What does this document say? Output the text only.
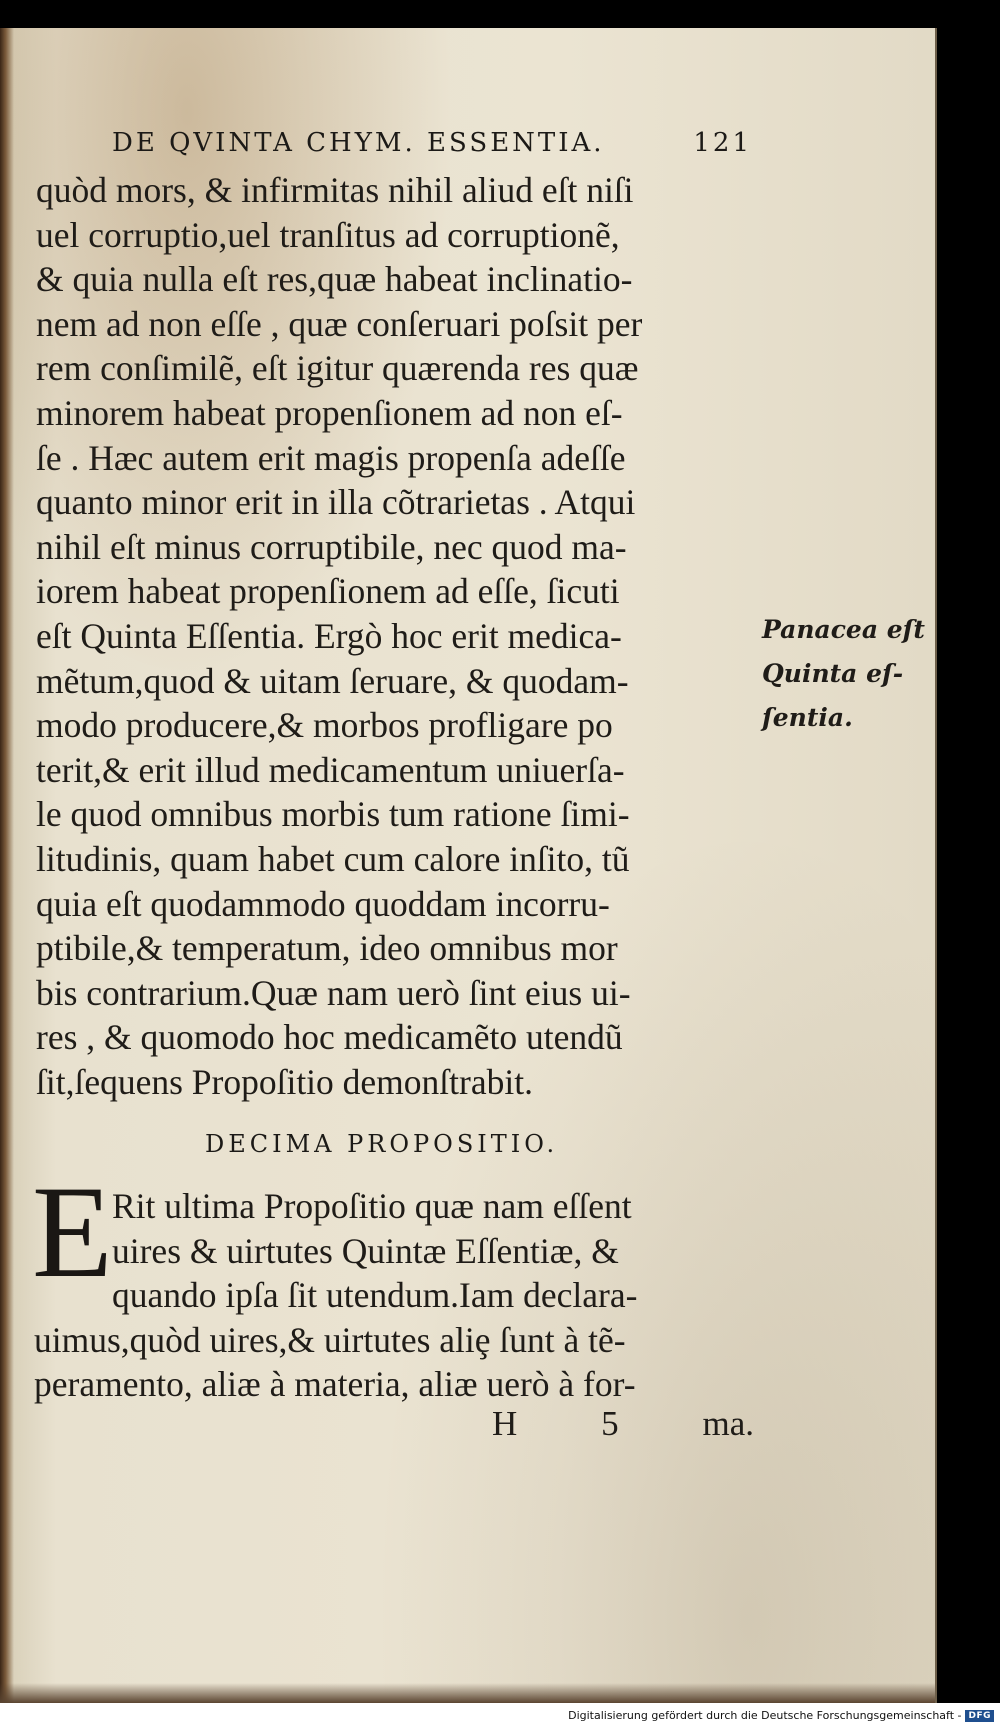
DE QVINTA CHYM. ESSENTIA.	121
quòd mors, & infirmitas nihil aliud eſt niſi
uel corruptio,uel tranſitus ad corruptionẽ,
& quia nulla eſt res,quæ habeat inclinatio-
nem ad non eſſe , quæ conſeruari poſsit per
rem conſimilẽ, eſt igitur quærenda res quæ
minorem habeat propenſionem ad non eſ-
ſe . Hæc autem erit magis propenſa adeſſe
quanto minor erit in illa cõtrarietas . Atqui
nihil eſt minus corruptibile, nec quod ma-
iorem habeat propenſionem ad eſſe, ſicuti
eſt Quinta Eſſentia. Ergò hoc erit medica-
mẽtum,quod & uitam ſeruare, & quodam-
modo producere,& morbos profligare po
terit,& erit illud medicamentum uniuerſa-
le quod omnibus morbis tum ratione ſimi-
litudinis, quam habet cum calore inſito, tũ
quia eſt quodammodo quoddam incorru-
ptibile,& temperatum, ideo omnibus mor
bis contrarium.Quæ nam uerò ſint eius ui-
res , & quomodo hoc medicamẽto utendũ
ſit,ſequens Propoſitio demonſtrabit.
Panacea eſt
Quinta eſ-
ſentia.
DECIMA PROPOSITIO.
E Rit ultima Propoſitio quæ nam eſſent
uires & uirtutes Quintæ Eſſentiæ, &
quando ipſa ſit utendum.Iam declara-
uimus,quòd uires,& uirtutes aliȩ ſunt à tẽ-
peramento, aliæ à materia, aliæ uerò à for-
H 5 ma.
Digitalisierung gefördert durch die Deutsche Forschungsgemeinschaft - DFG
